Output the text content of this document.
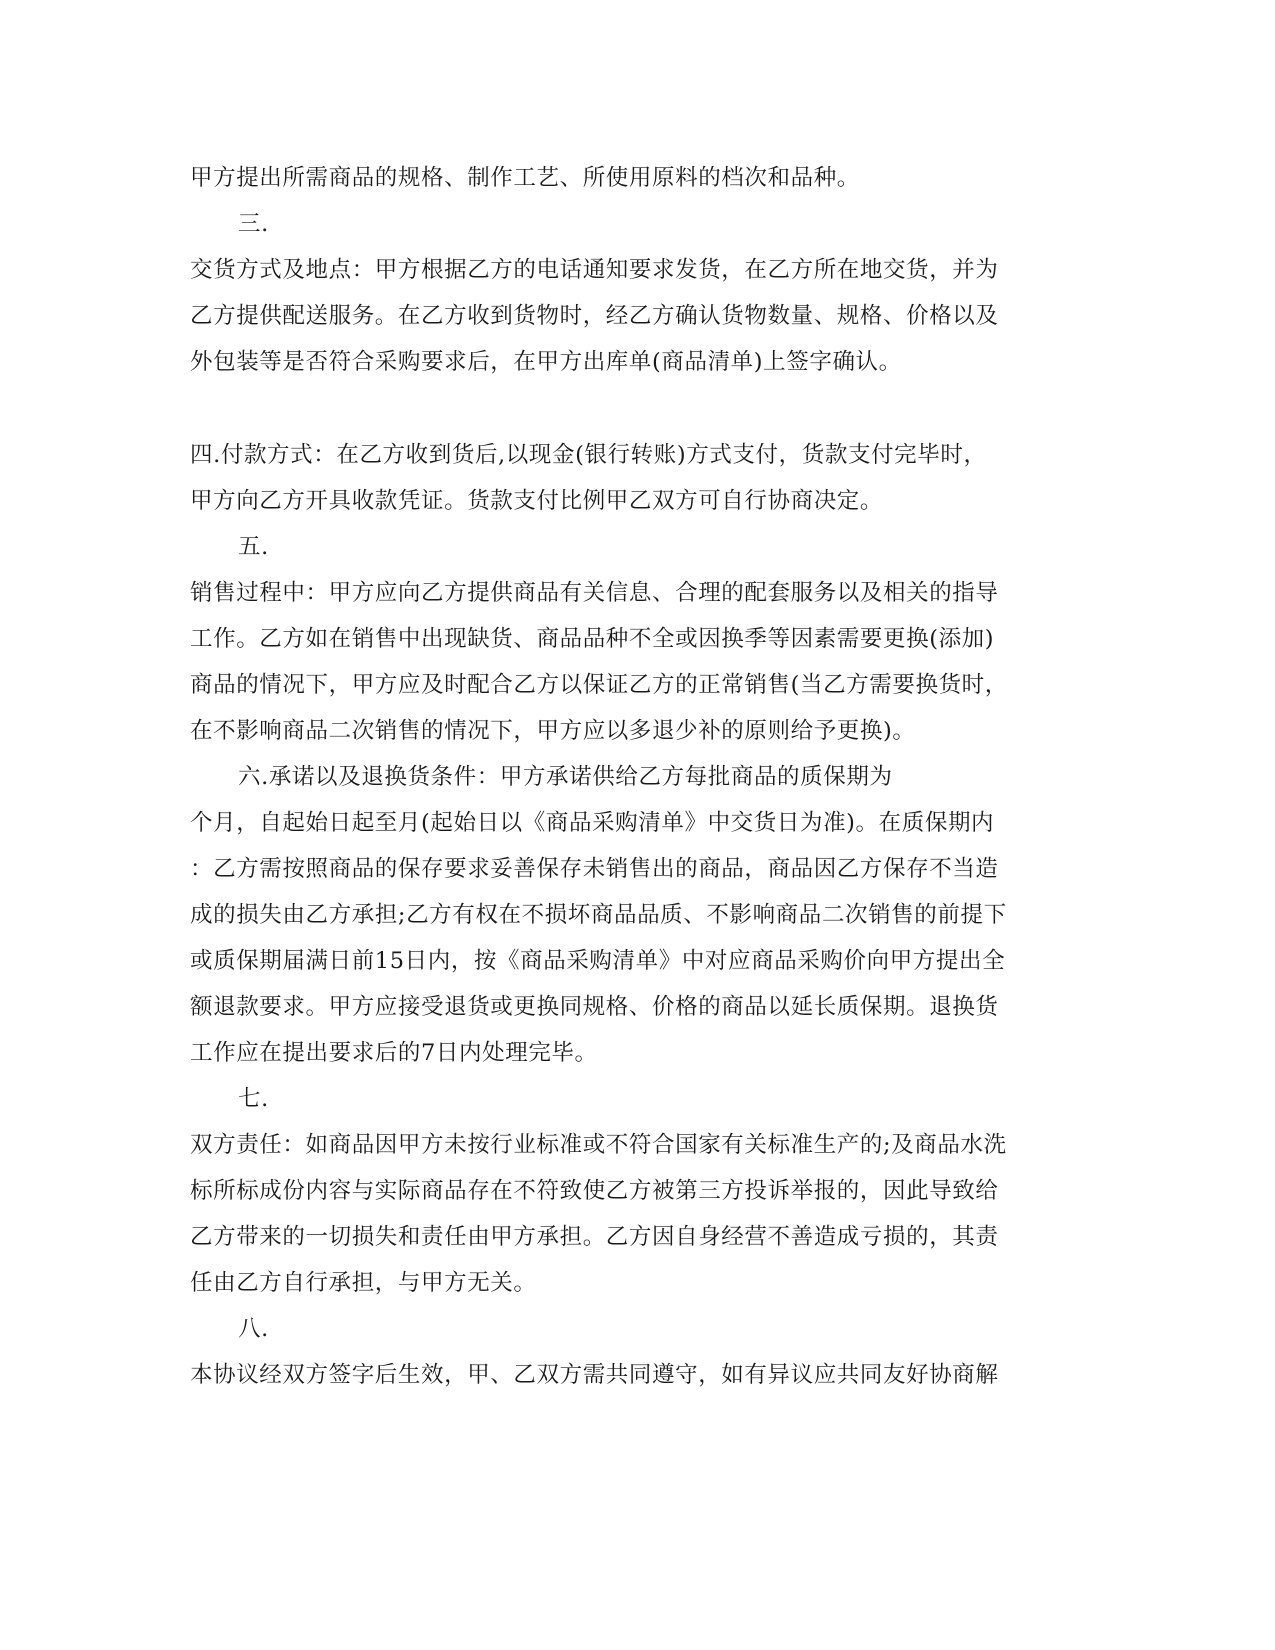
甲方提出所需商品的规格、制作工艺、所使用原料的档次和品种。
三.
交货方式及地点：甲方根据乙方的电话通知要求发货，在乙方所在地交货，并为
乙方提供配送服务。在乙方收到货物时，经乙方确认货物数量、规格、价格以及
外包装等是否符合采购要求后，在甲方出库单(商品清单)上签字确认。
四.付款方式：在乙方收到货后,以现金(银行转账)方式支付，货款支付完毕时，
甲方向乙方开具收款凭证。货款支付比例甲乙双方可自行协商决定。
五.
销售过程中：甲方应向乙方提供商品有关信息、合理的配套服务以及相关的指导
工作。乙方如在销售中出现缺货、商品品种不全或因换季等因素需要更换(添加)
商品的情况下，甲方应及时配合乙方以保证乙方的正常销售(当乙方需要换货时，
在不影响商品二次销售的情况下，甲方应以多退少补的原则给予更换)。
六.承诺以及退换货条件：甲方承诺供给乙方每批商品的质保期为
个月，自起始日起至月(起始日以《商品采购清单》中交货日为准)。在质保期内
：乙方需按照商品的保存要求妥善保存未销售出的商品，商品因乙方保存不当造
成的损失由乙方承担;乙方有权在不损坏商品品质、不影响商品二次销售的前提下
或质保期届满日前15日内，按《商品采购清单》中对应商品采购价向甲方提出全
额退款要求。甲方应接受退货或更换同规格、价格的商品以延长质保期。退换货
工作应在提出要求后的7日内处理完毕。
七.
双方责任：如商品因甲方未按行业标准或不符合国家有关标准生产的;及商品水洗
标所标成份内容与实际商品存在不符致使乙方被第三方投诉举报的，因此导致给
乙方带来的一切损失和责任由甲方承担。乙方因自身经营不善造成亏损的，其责
任由乙方自行承担，与甲方无关。
八.
本协议经双方签字后生效，甲、乙双方需共同遵守，如有异议应共同友好协商解
